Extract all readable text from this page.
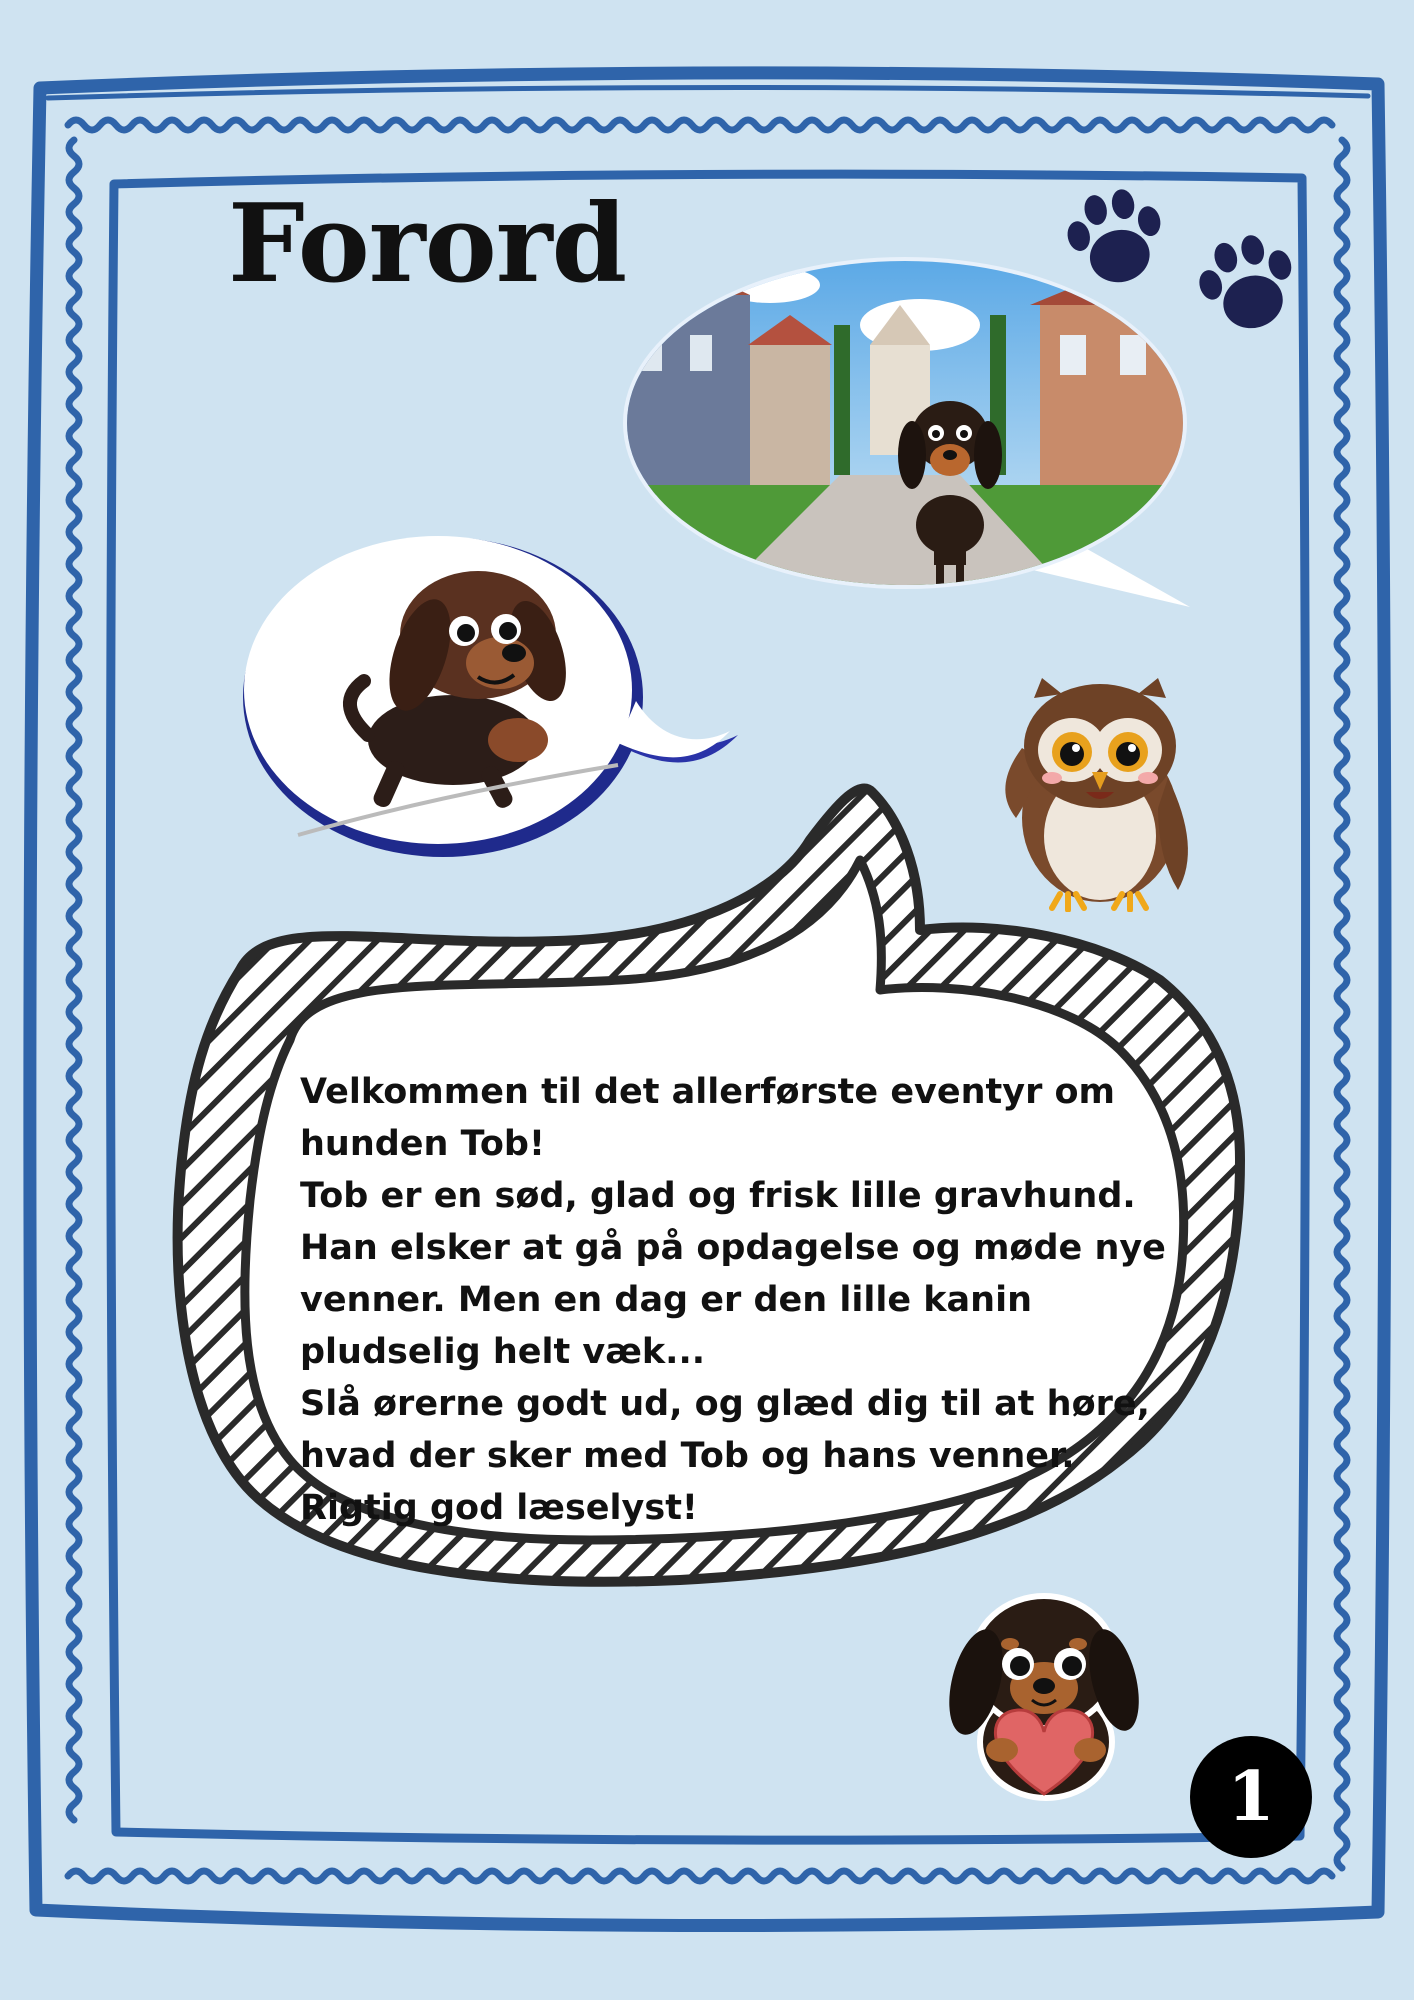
Forord
Velkommen til det allerførste eventyr om
hunden Tob!
Tob er en sød, glad og frisk lille gravhund.
Han elsker at gå på opdagelse og møde nye
venner. Men en dag er den lille kanin
pludselig helt væk...
Slå ørerne godt ud, og glæd dig til at høre,
hvad der sker med Tob og hans venner.
Rigtig god læselyst!
1
